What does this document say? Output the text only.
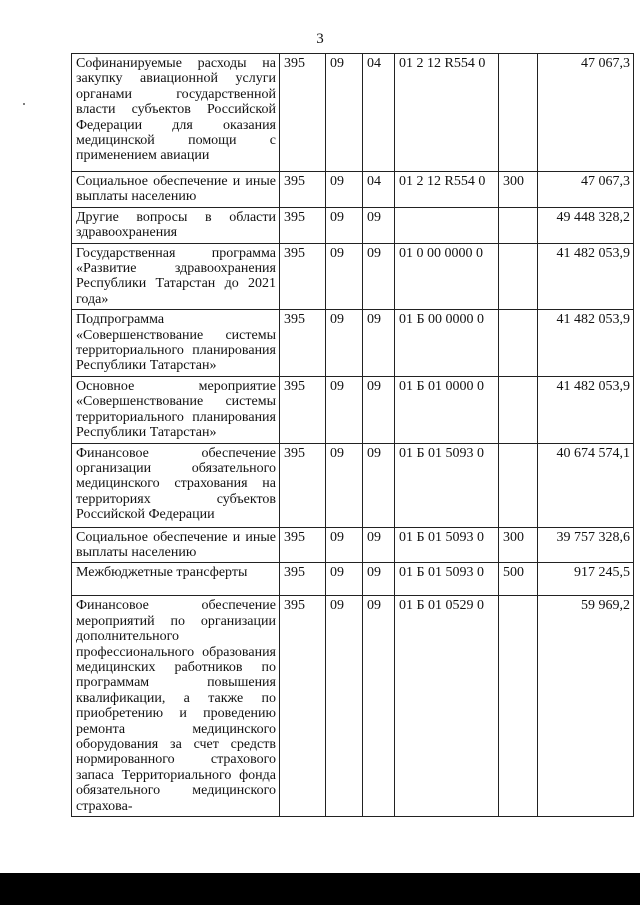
3
Софинанируемые расходы на закупку авиационной услуги органами государственной власти субъектов Российской Федерации для оказания медицинской помощи с применением авиации	395	09	04	01 2 12 R554 0		47 067,3
Социальное обеспечение и иные выплаты населению	395	09	04	01 2 12 R554 0	300	47 067,3
Другие вопросы в области здравоохранения	395	09	09			49 448 328,2
Государственная программа «Развитие здравоохранения Республики Татарстан до 2021 года»	395	09	09	01 0 00 0000 0		41 482 053,9
Подпрограмма «Совершенствование системы территориального планирования Республики Татарстан»	395	09	09	01 Б 00 0000 0		41 482 053,9
Основное мероприятие «Совершенствование системы территориального планирования Республики Татарстан»	395	09	09	01 Б 01 0000 0		41 482 053,9
Финансовое обеспечение организации обязательного медицинского страхования на территориях субъектов Российской Федерации	395	09	09	01 Б 01 5093 0		40 674 574,1
Социальное обеспечение и иные выплаты населению	395	09	09	01 Б 01 5093 0	300	39 757 328,6
Межбюджетные трансферты	395	09	09	01 Б 01 5093 0	500	917 245,5
Финансовое обеспечение мероприятий по организации дополнительного профессионального образования медицинских работников по программам повышения квалификации, а также по приобретению и проведению ремонта медицинского оборудования за счет средств нормированного страхового запаса Территориального фонда обязательного медицинского страхова-	395	09	09	01 Б 01 0529 0		59 969,2
